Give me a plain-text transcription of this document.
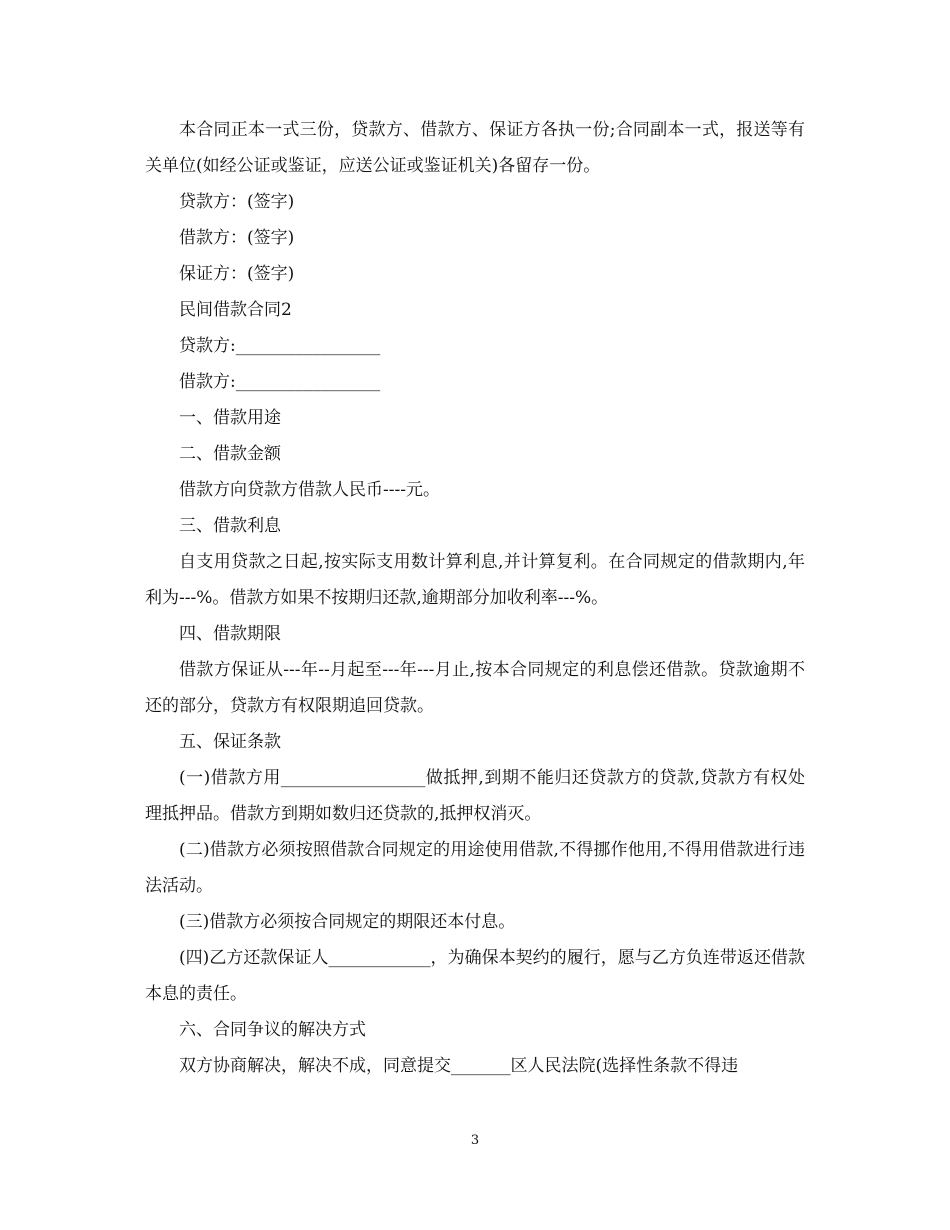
本合同正本一式三份，贷款方、借款方、保证方各执一份;合同副本一式，报送等有关单位(如经公证或鉴证，应送公证或鉴证机关)各留存一份。

贷款方：(签字)

借款方：(签字)

保证方：(签字)

民间借款合同2

贷款方:_________________

借款方:_________________

一、借款用途

二、借款金额

借款方向贷款方借款人民币----元。

三、借款利息

自支用贷款之日起,按实际支用数计算利息,并计算复利。在合同规定的借款期内,年利为---%。借款方如果不按期归还款,逾期部分加收利率---%。

四、借款期限

借款方保证从---年--月起至---年---月止,按本合同规定的利息偿还借款。贷款逾期不还的部分，贷款方有权限期追回贷款。

五、保证条款

(一)借款方用_________________做抵押,到期不能归还贷款方的贷款,贷款方有权处理抵押品。借款方到期如数归还贷款的,抵押权消灭。

(二)借款方必须按照借款合同规定的用途使用借款,不得挪作他用,不得用借款进行违法活动。

(三)借款方必须按合同规定的期限还本付息。

(四)乙方还款保证人____________，为确保本契约的履行，愿与乙方负连带返还借款本息的责任。

六、合同争议的解决方式

双方协商解决，解决不成，同意提交_______区人民法院(选择性条款不得违

3
